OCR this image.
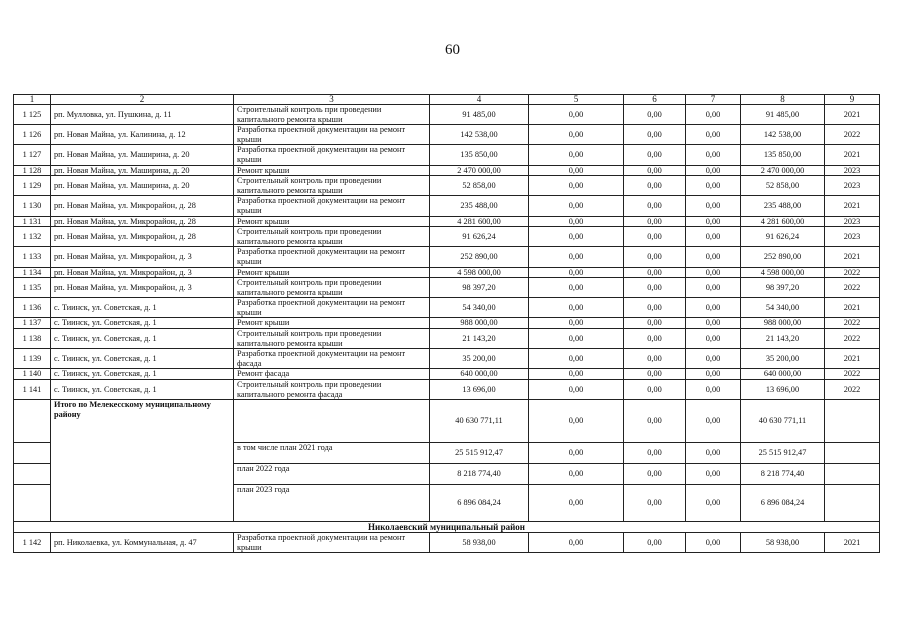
60
1	2	3	4	5	6	7	8	9
1 125	рп. Мулловка, ул. Пушкина, д. 11	Строительный контроль при проведении капитального ремонта крыши	91 485,00	0,00	0,00	0,00	91 485,00	2021
1 126	рп. Новая Майна, ул. Калинина, д. 12	Разработка проектной документации на ремонт крыши	142 538,00	0,00	0,00	0,00	142 538,00	2022
1 127	рп. Новая Майна, ул. Маширина, д. 20	Разработка проектной документации на ремонт крыши	135 850,00	0,00	0,00	0,00	135 850,00	2021
1 128	рп. Новая Майна, ул. Маширина, д. 20	Ремонт крыши	2 470 000,00	0,00	0,00	0,00	2 470 000,00	2023
1 129	рп. Новая Майна, ул. Маширина, д. 20	Строительный контроль при проведении капитального ремонта крыши	52 858,00	0,00	0,00	0,00	52 858,00	2023
1 130	рп. Новая Майна, ул. Микрорайон, д. 28	Разработка проектной документации на ремонт крыши	235 488,00	0,00	0,00	0,00	235 488,00	2021
1 131	рп. Новая Майна, ул. Микрорайон, д. 28	Ремонт крыши	4 281 600,00	0,00	0,00	0,00	4 281 600,00	2023
1 132	рп. Новая Майна, ул. Микрорайон, д. 28	Строительный контроль при проведении капитального ремонта крыши	91 626,24	0,00	0,00	0,00	91 626,24	2023
1 133	рп. Новая Майна, ул. Микрорайон, д. 3	Разработка проектной документации на ремонт крыши	252 890,00	0,00	0,00	0,00	252 890,00	2021
1 134	рп. Новая Майна, ул. Микрорайон, д. 3	Ремонт крыши	4 598 000,00	0,00	0,00	0,00	4 598 000,00	2022
1 135	рп. Новая Майна, ул. Микрорайон, д. 3	Строительный контроль при проведении капитального ремонта крыши	98 397,20	0,00	0,00	0,00	98 397,20	2022
1 136	с. Тиинск, ул. Советская, д. 1	Разработка проектной документации на ремонт крыши	54 340,00	0,00	0,00	0,00	54 340,00	2021
1 137	с. Тиинск, ул. Советская, д. 1	Ремонт крыши	988 000,00	0,00	0,00	0,00	988 000,00	2022
1 138	с. Тиинск, ул. Советская, д. 1	Строительный контроль при проведении капитального ремонта крыши	21 143,20	0,00	0,00	0,00	21 143,20	2022
1 139	с. Тиинск, ул. Советская, д. 1	Разработка проектной документации на ремонт фасада	35 200,00	0,00	0,00	0,00	35 200,00	2021
1 140	с. Тиинск, ул. Советская, д. 1	Ремонт фасада	640 000,00	0,00	0,00	0,00	640 000,00	2022
1 141	с. Тиинск, ул. Советская, д. 1	Строительный контроль при проведении капитального ремонта фасада	13 696,00	0,00	0,00	0,00	13 696,00	2022
	Итого по Мелекесскому муниципальному району		40 630 771,11	0,00	0,00	0,00	40 630 771,11	
		в том числе план 2021 года	25 515 912,47	0,00	0,00	0,00	25 515 912,47	
		план 2022 года	8 218 774,40	0,00	0,00	0,00	8 218 774,40	
		план 2023 года	6 896 084,24	0,00	0,00	0,00	6 896 084,24	
Николаевский муниципальный район								
1 142	рп. Николаевка, ул. Коммунальная, д. 47	Разработка проектной документации на ремонт крыши	58 938,00	0,00	0,00	0,00	58 938,00	2021
